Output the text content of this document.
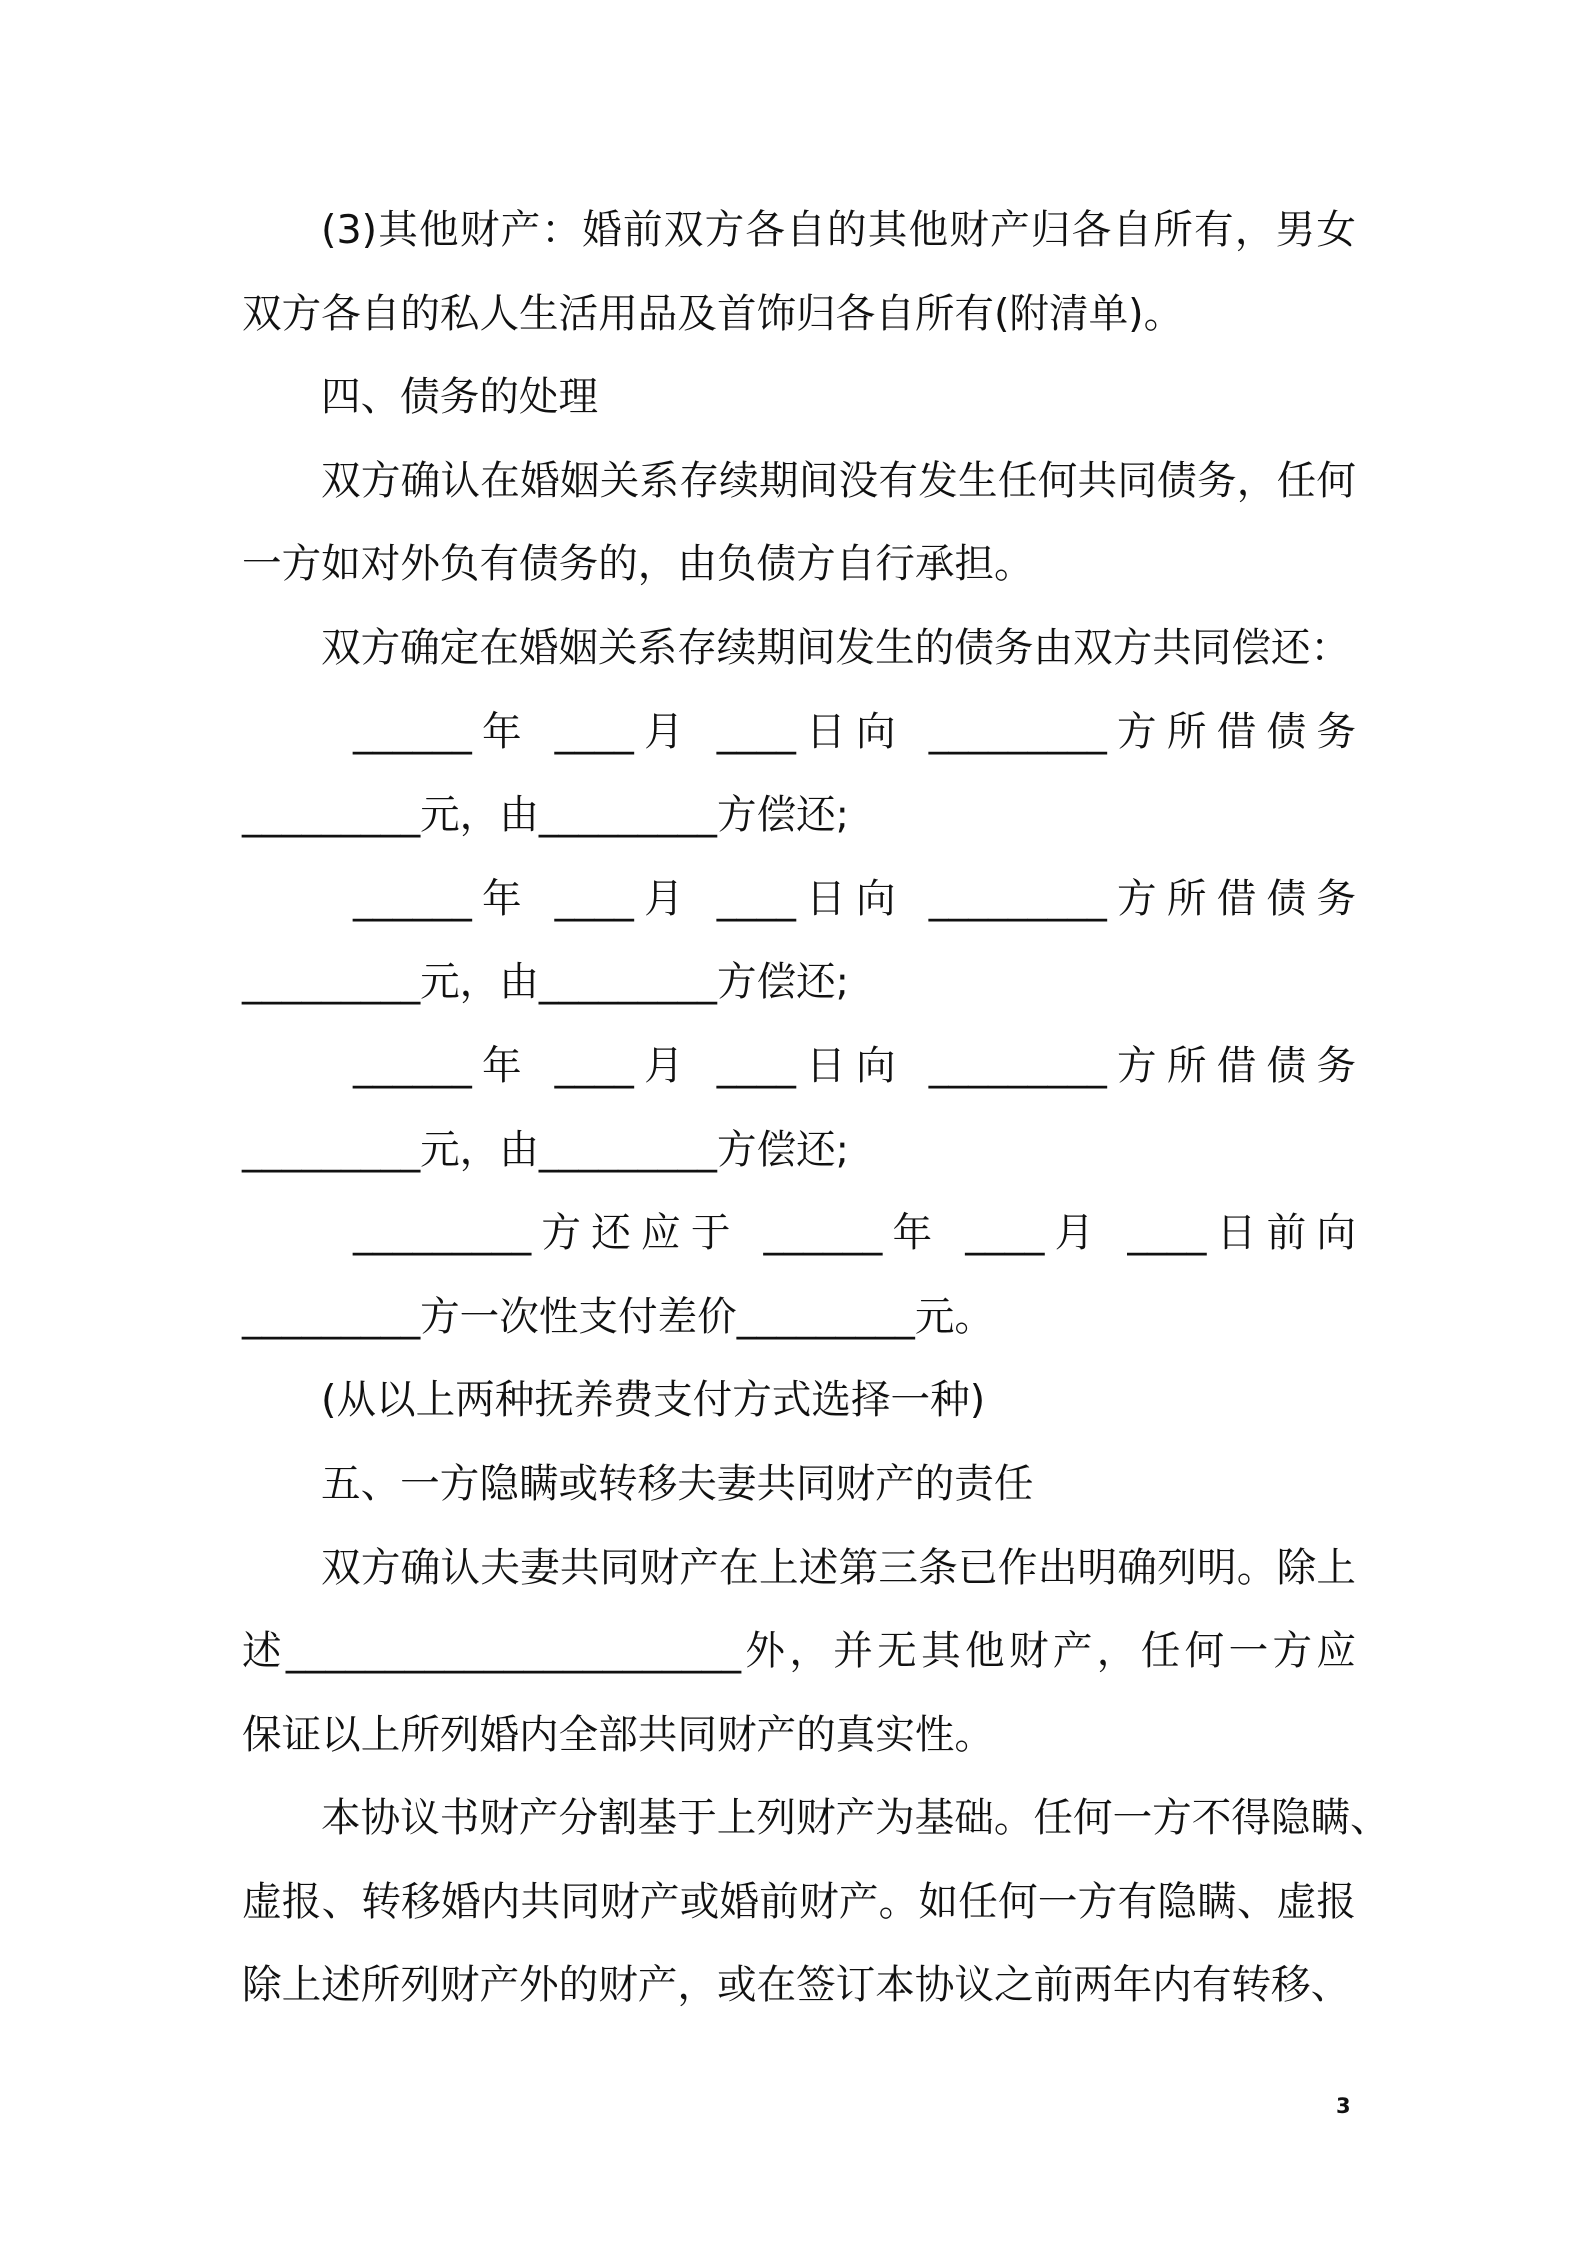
(3)其他财产：婚前双方各自的其他财产归各自所有，男女
双方各自的私人生活用品及首饰归各自所有(附清单)。
四、债务的处理
双方确认在婚姻关系存续期间没有发生任何共同债务，任何
一方如对外负有债务的，由负债方自行承担。
双方确定在婚姻关系存续期间发生的债务由双方共同偿还：
______年 ____月 ____日向 _________方所借债务
_________元，由_________方偿还;
______年 ____月 ____日向 _________方所借债务
_________元，由_________方偿还;
______年 ____月 ____日向 _________方所借债务
_________元，由_________方偿还;
_________方还应于 ______年 ____月 ____日前向
_________方一次性支付差价_________元。
(从以上两种抚养费支付方式选择一种)
五、一方隐瞒或转移夫妻共同财产的责任
双方确认夫妻共同财产在上述第三条已作出明确列明。除上
述_______________________外，并无其他财产，任何一方应
保证以上所列婚内全部共同财产的真实性。
本协议书财产分割基于上列财产为基础。任何一方不得隐瞒、
虚报、转移婚内共同财产或婚前财产。如任何一方有隐瞒、虚报
除上述所列财产外的财产，或在签订本协议之前两年内有转移、
3
